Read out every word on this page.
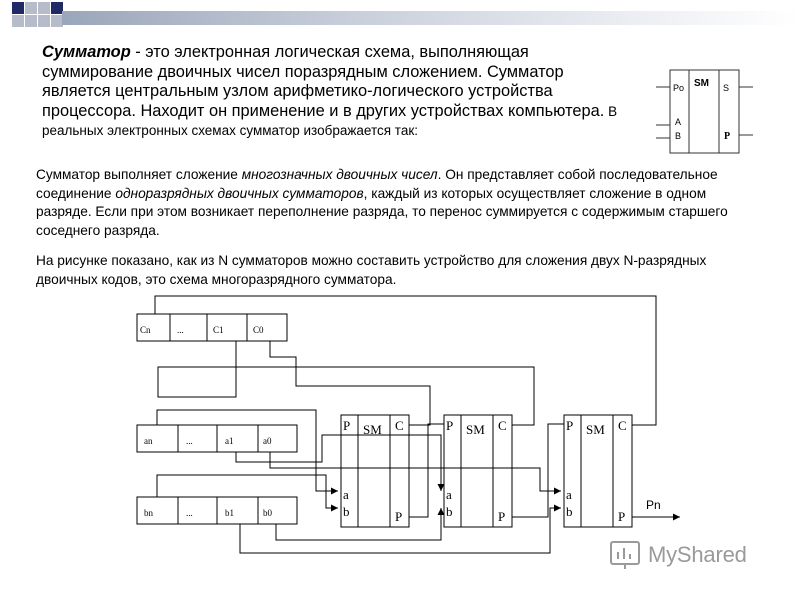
Сумматор - это электронная логическая схема, выполняющая суммирование двоичных чисел поразрядным сложением. Сумматор является центральным узлом арифметико-логического устройства процессора. Находит он применение и в других устройствах компьютера. В реальных электронных схемах сумматор изображается так:
Po SM S
A
B	P
Сумматор выполняет сложение многозначных двоичных чисел. Он представляет собой последовательное соединение одноразрядных двоичных сумматоров, каждый из которых осуществляет сложение в одном разряде. Если при этом возникает переполнение разряда, то перенос суммируется с содержимым старшего соседнего разряда.
На рисунке показано, как из N сумматоров можно составить устройство для сложения двух N-разрядных двоичных кодов, это схема многоразрядного сумматора.
Cn	...	C1	C0
an	...	a1	a0
bn	...	b1	b0
P SM C
a
b	P
P SM C
a
b	P
P SM C
a
b	P
Pn
MyShared
